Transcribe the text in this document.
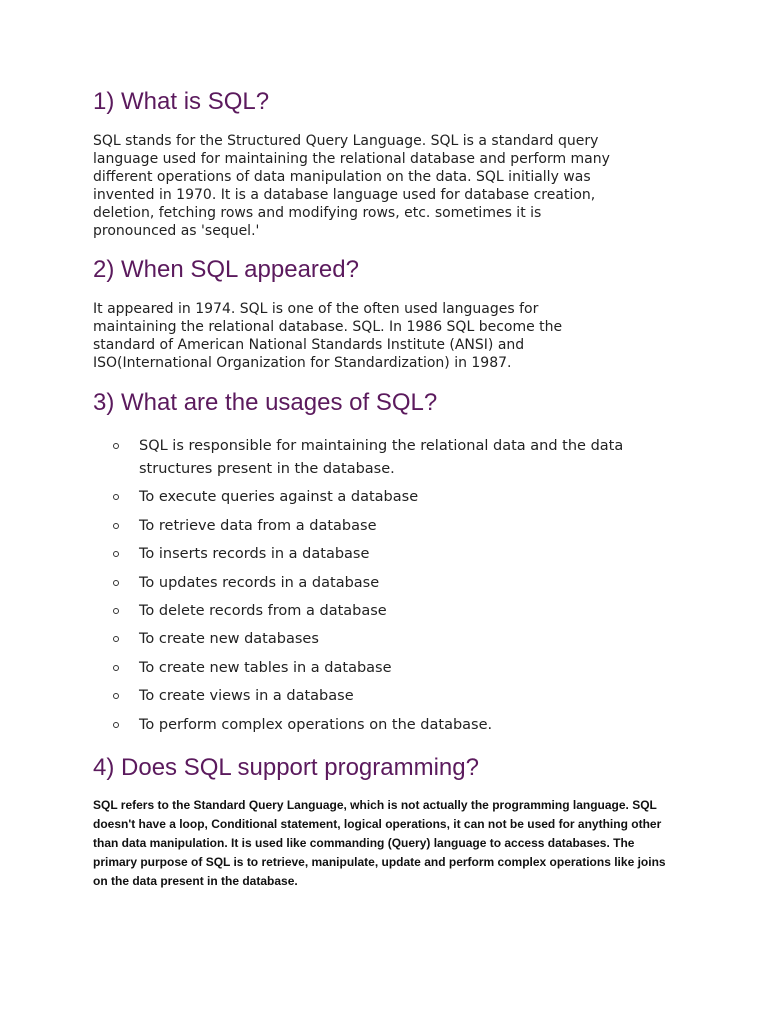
1) What is SQL?

SQL stands for the Structured Query Language. SQL is a standard query
language used for maintaining the relational database and perform many
different operations of data manipulation on the data. SQL initially was
invented in 1970. It is a database language used for database creation,
deletion, fetching rows and modifying rows, etc. sometimes it is
pronounced as 'sequel.'

2) When SQL appeared?

It appeared in 1974. SQL is one of the often used languages for
maintaining the relational database. SQL. In 1986 SQL become the
standard of American National Standards Institute (ANSI) and
ISO(International Organization for Standardization) in 1987.

3) What are the usages of SQL?
SQL is responsible for maintaining the relational data and the data
structures present in the database.
To execute queries against a database
To retrieve data from a database
To inserts records in a database
To updates records in a database
To delete records from a database
To create new databases
To create new tables in a database
To create views in a database
To perform complex operations on the database.
4) Does SQL support programming?

SQL refers to the Standard Query Language, which is not actually the programming language. SQL
doesn't have a loop, Conditional statement, logical operations, it can not be used for anything other
than data manipulation. It is used like commanding (Query) language to access databases. The
primary purpose of SQL is to retrieve, manipulate, update and perform complex operations like joins
on the data present in the database.
